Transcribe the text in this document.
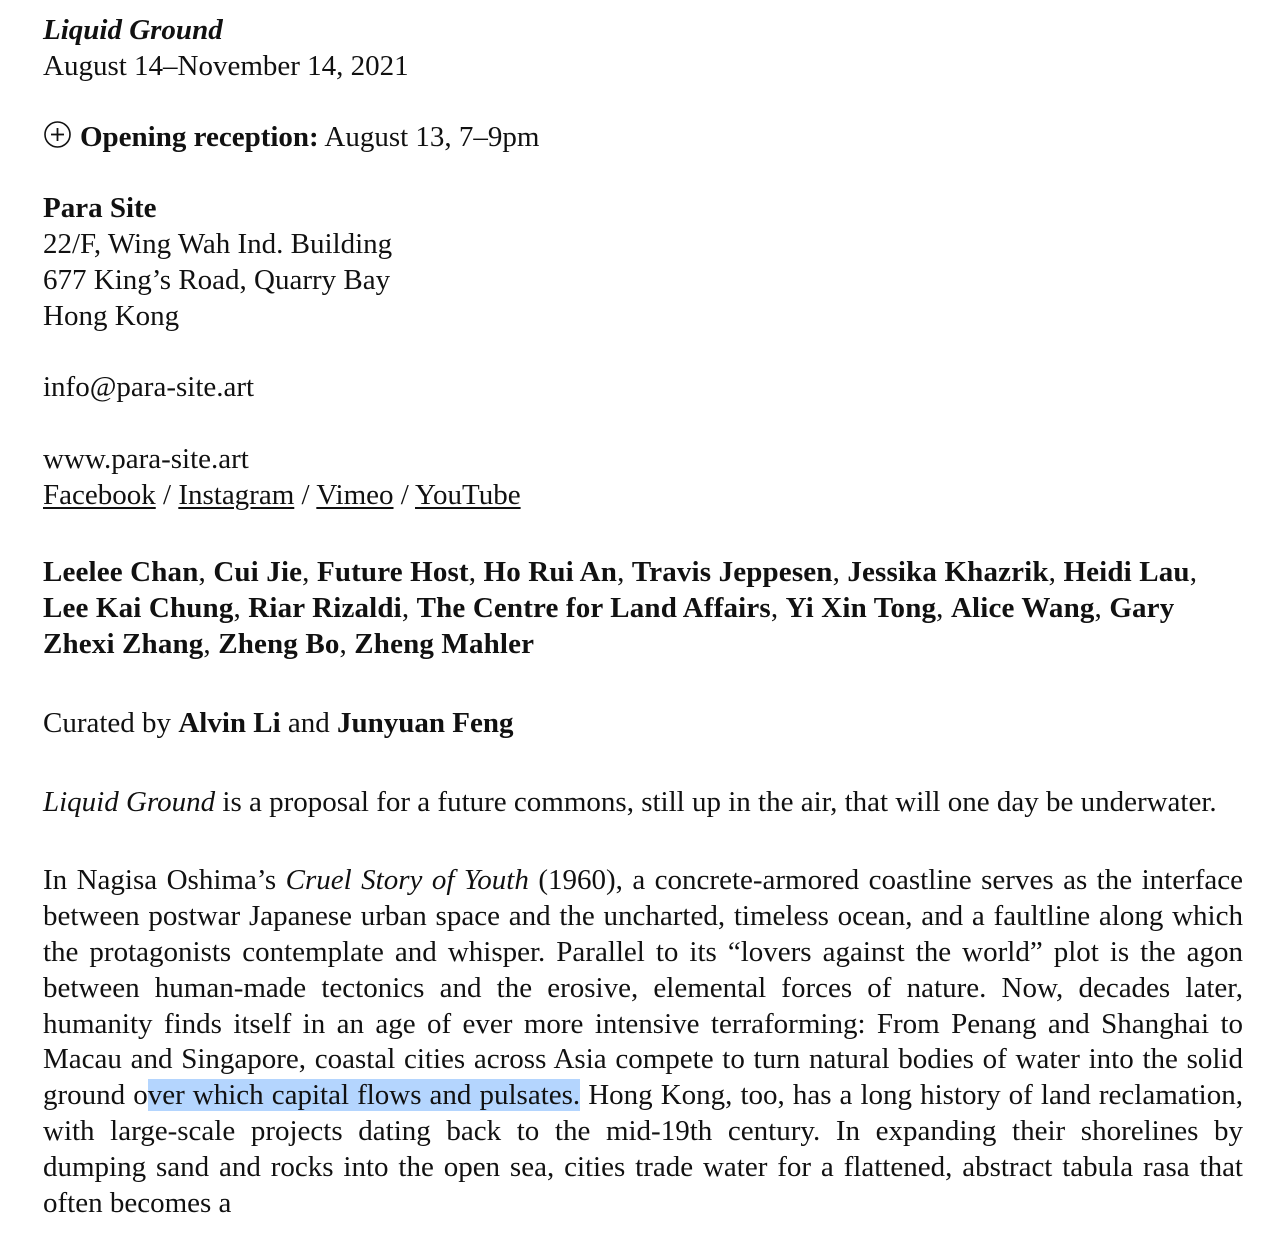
Liquid Ground

August 14–November 14, 2021

Opening reception: August 13, 7–9pm

Para Site

22/F, Wing Wah Ind. Building

677 King’s Road, Quarry Bay

Hong Kong

info@para-site.art

www.para-site.art

Facebook / Instagram / Vimeo / YouTube

Leelee Chan, Cui Jie, Future Host, Ho Rui An, Travis Jeppesen, Jessika Khazrik, Heidi Lau, Lee Kai Chung, Riar Rizaldi, The Centre for Land Affairs, Yi Xin Tong, Alice Wang, Gary Zhexi Zhang, Zheng Bo, Zheng Mahler

Curated by Alvin Li and Junyuan Feng

Liquid Ground is a proposal for a future commons, still up in the air, that will one day be underwater.

In Nagisa Oshima’s Cruel Story of Youth (1960), a concrete-armored coastline serves as the interface between postwar Japanese urban space and the uncharted, timeless ocean, and a faultline along which the protagonists contemplate and whisper. Parallel to its “lovers against the world” plot is the agon between human-made tectonics and the erosive, elemental forces of nature. Now, decades later, humanity finds itself in an age of ever more intensive terraforming: From Penang and Shanghai to Macau and Singapore, coastal cities across Asia compete to turn natural bodies of water into the solid ground over which capital flows and pulsates. Hong Kong, too, has a long history of land reclamation, with large-scale projects dating back to the mid-19th century. In expanding their shorelines by dumping sand and rocks into the open sea, cities trade water for a flattened, abstract tabula rasa that often becomes a
